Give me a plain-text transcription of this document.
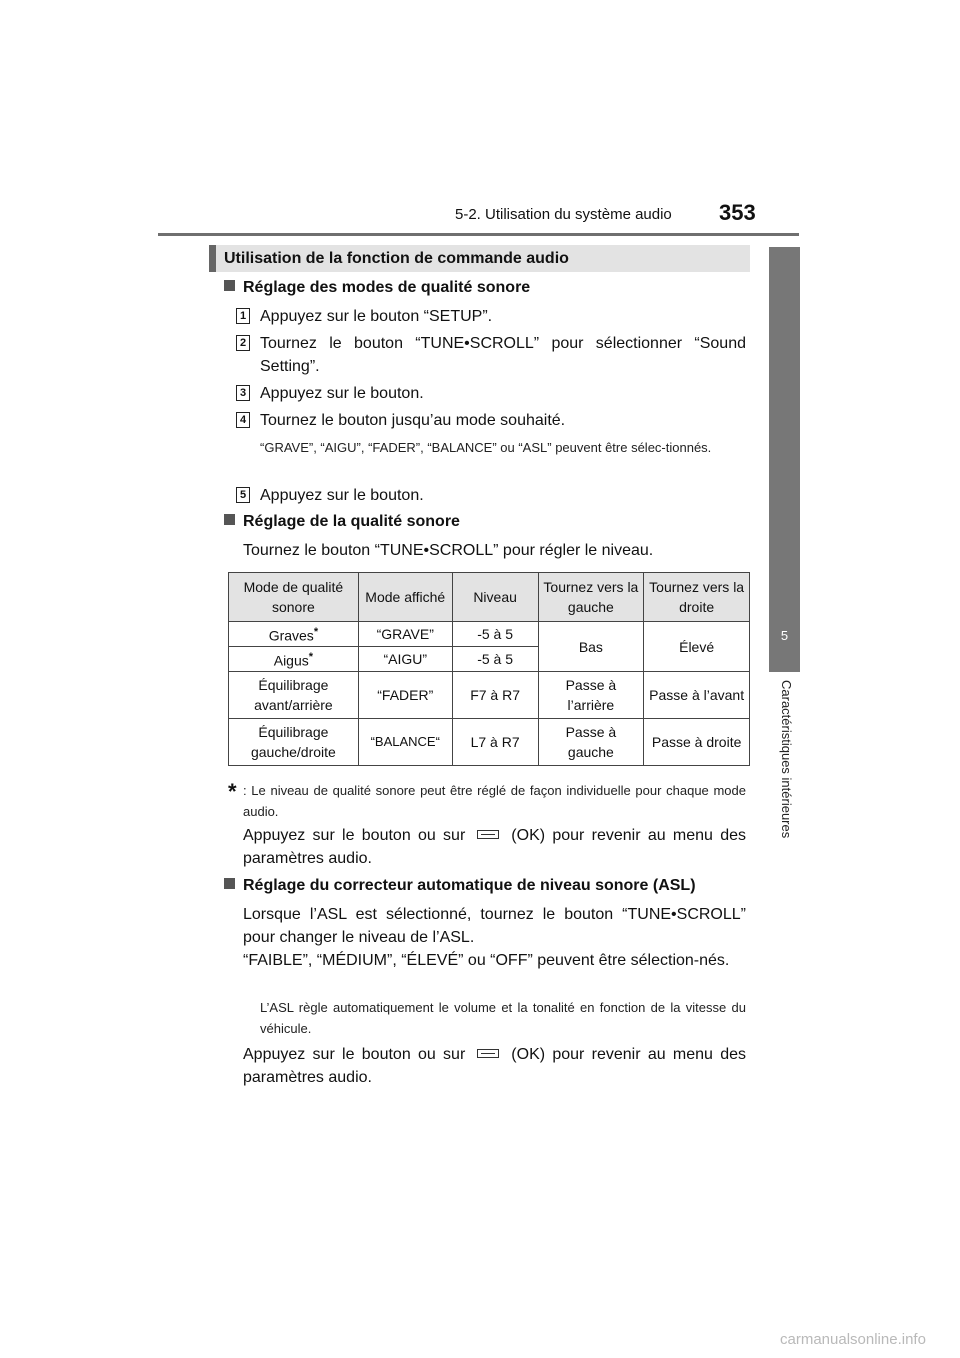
5-2. Utilisation du système audio 353
5
Caractéristiques intérieures
Utilisation de la fonction de commande audio
Réglage des modes de qualité sonore
1 Appuyez sur le bouton “SETUP”.
2 Tournez le bouton “TUNE•SCROLL” pour sélectionner “Sound Setting”.
3 Appuyez sur le bouton.
4 Tournez le bouton jusqu’au mode souhaité.
“GRAVE”, “AIGU”, “FADER”, “BALANCE” ou “ASL” peuvent être sélec-tionnés.
5 Appuyez sur le bouton.
Réglage de la qualité sonore
Tournez le bouton “TUNE•SCROLL” pour régler le niveau.
Mode de qualité sonore	Mode affiché	Niveau	Tournez vers la gauche	Tournez vers la droite
Graves*	“GRAVE”	-5 à 5	Bas	Élevé
Aigus*	“AIGU”	-5 à 5		
Équilibrage avant/arrière	“FADER”	F7 à R7	Passe à l’arrière	Passe à l’avant
Équilibrage gauche/droite	“BALANCE“	L7 à R7	Passe à gauche	Passe à droite
* : Le niveau de qualité sonore peut être réglé de façon individuelle pour chaque mode audio.
Appuyez sur le bouton ou sur	(OK) pour revenir au menu des paramètres audio.
Réglage du correcteur automatique de niveau sonore (ASL)
Lorsque l’ASL est sélectionné, tournez le bouton “TUNE•SCROLL” pour changer le niveau de l’ASL.
“FAIBLE”, “MÉDIUM”, “ÉLEVÉ” ou “OFF” peuvent être sélection-nés.
L’ASL règle automatiquement le volume et la tonalité en fonction de la vitesse du véhicule.
Appuyez sur le bouton ou sur	(OK) pour revenir au menu des paramètres audio.
carmanualsonline.info
